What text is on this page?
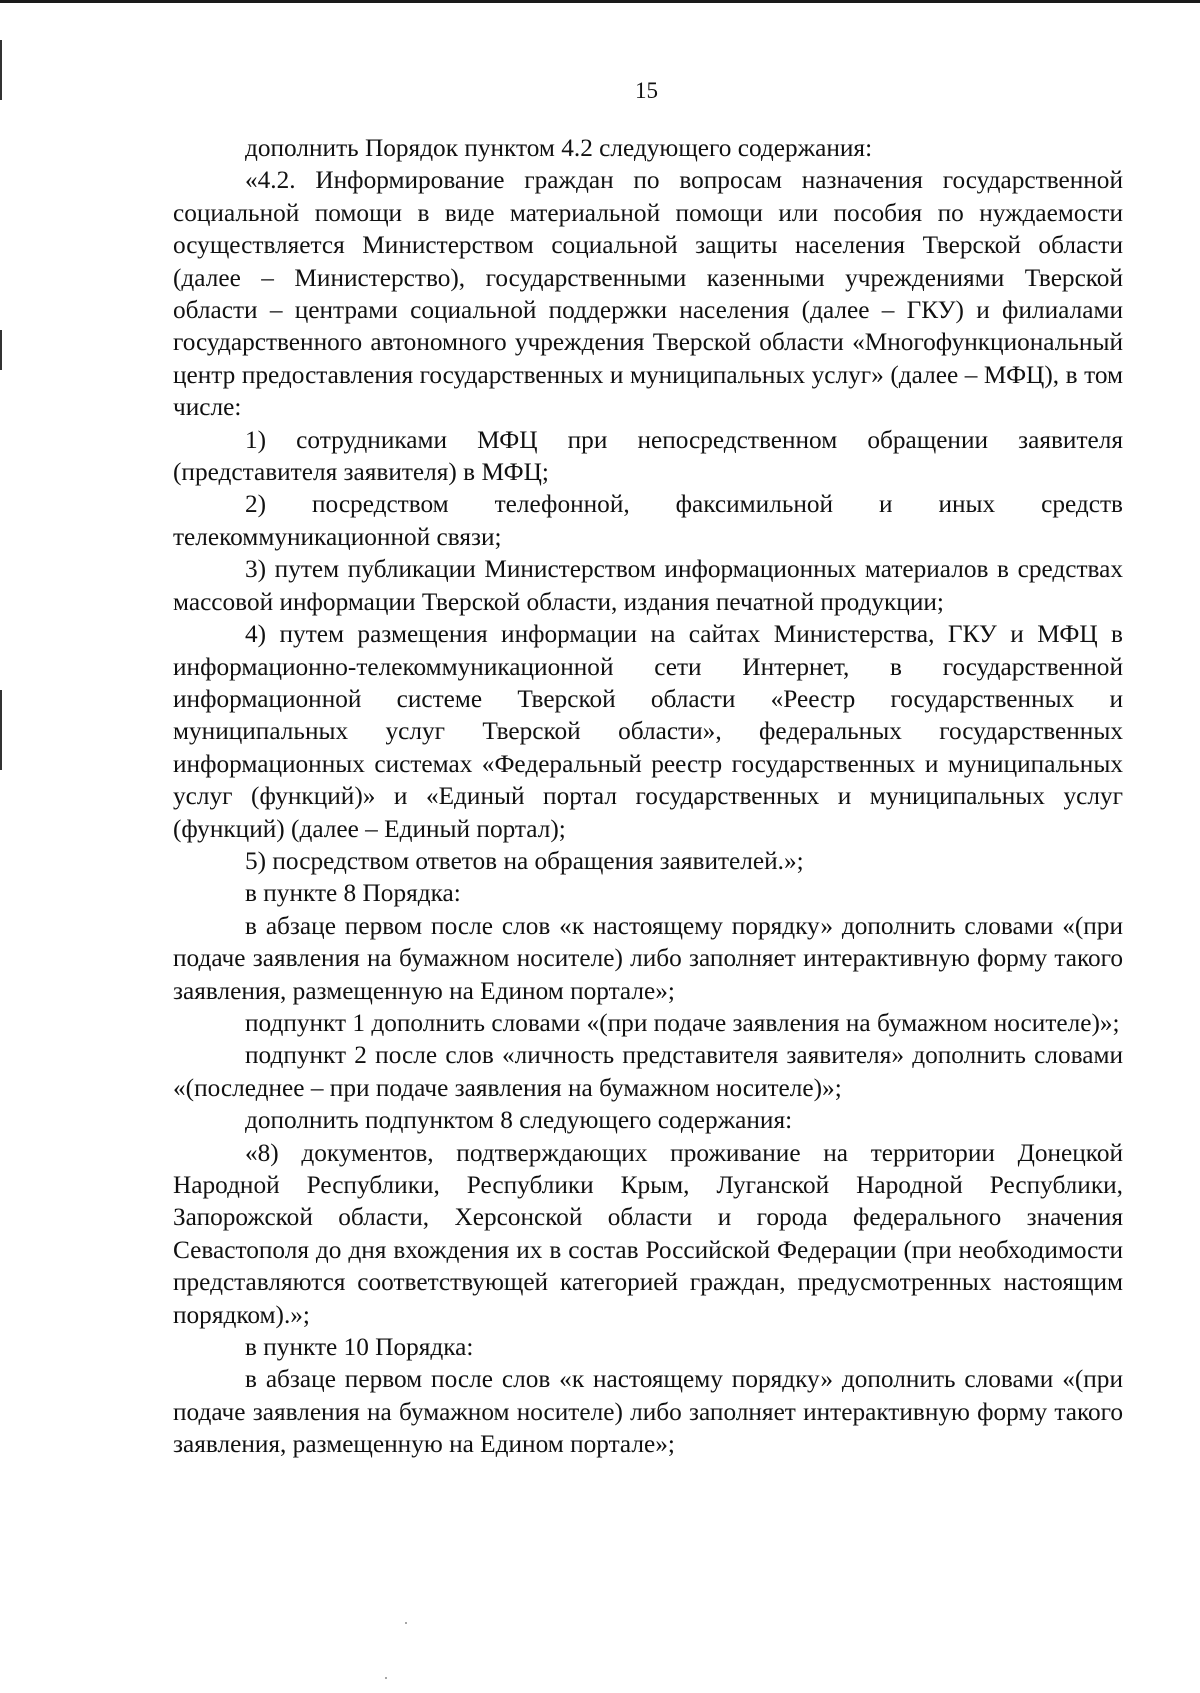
15

дополнить Порядок пунктом 4.2 следующего содержания:

«4.2. Информирование граждан по вопросам назначения государственной социальной помощи в виде материальной помощи или пособия по нуждаемости осуществляется Министерством социальной защиты населения Тверской области (далее – Министерство), государственными казенными учреждениями Тверской области – центрами социальной поддержки населения (далее – ГКУ) и филиалами государственного автономного учреждения Тверской области «Многофункциональный центр предоставления государственных и муниципальных услуг» (далее – МФЦ), в том числе:

1) сотрудниками МФЦ при непосредственном обращении заявителя (представителя заявителя) в МФЦ;

2) посредством телефонной, факсимильной и иных средств телекоммуникационной связи;

3) путем публикации Министерством информационных материалов в средствах массовой информации Тверской области, издания печатной продукции;

4) путем размещения информации на сайтах Министерства, ГКУ и МФЦ в информационно-телекоммуникационной сети Интернет, в государственной информационной системе Тверской области «Реестр государственных и муниципальных услуг Тверской области», федеральных государственных информационных системах «Федеральный реестр государственных и муниципальных услуг (функций)» и «Единый портал государственных и муниципальных услуг (функций) (далее – Единый портал);

5) посредством ответов на обращения заявителей.»;

в пункте 8 Порядка:

в абзаце первом после слов «к настоящему порядку» дополнить словами «(при подаче заявления на бумажном носителе) либо заполняет интерактивную форму такого заявления, размещенную на Едином портале»;

подпункт 1 дополнить словами «(при подаче заявления на бумажном носителе)»;

подпункт 2 после слов «личность представителя заявителя» дополнить словами «(последнее – при подаче заявления на бумажном носителе)»;

дополнить подпунктом 8 следующего содержания:

«8) документов, подтверждающих проживание на территории Донецкой Народной Республики, Республики Крым, Луганской Народной Республики, Запорожской области, Херсонской области и города федерального значения Севастополя до дня вхождения их в состав Российской Федерации (при необходимости представляются соответствующей категорией граждан, предусмотренных настоящим порядком).»;

в пункте 10 Порядка:

в абзаце первом после слов «к настоящему порядку» дополнить словами «(при подаче заявления на бумажном носителе) либо заполняет интерактивную форму такого заявления, размещенную на Едином портале»;
